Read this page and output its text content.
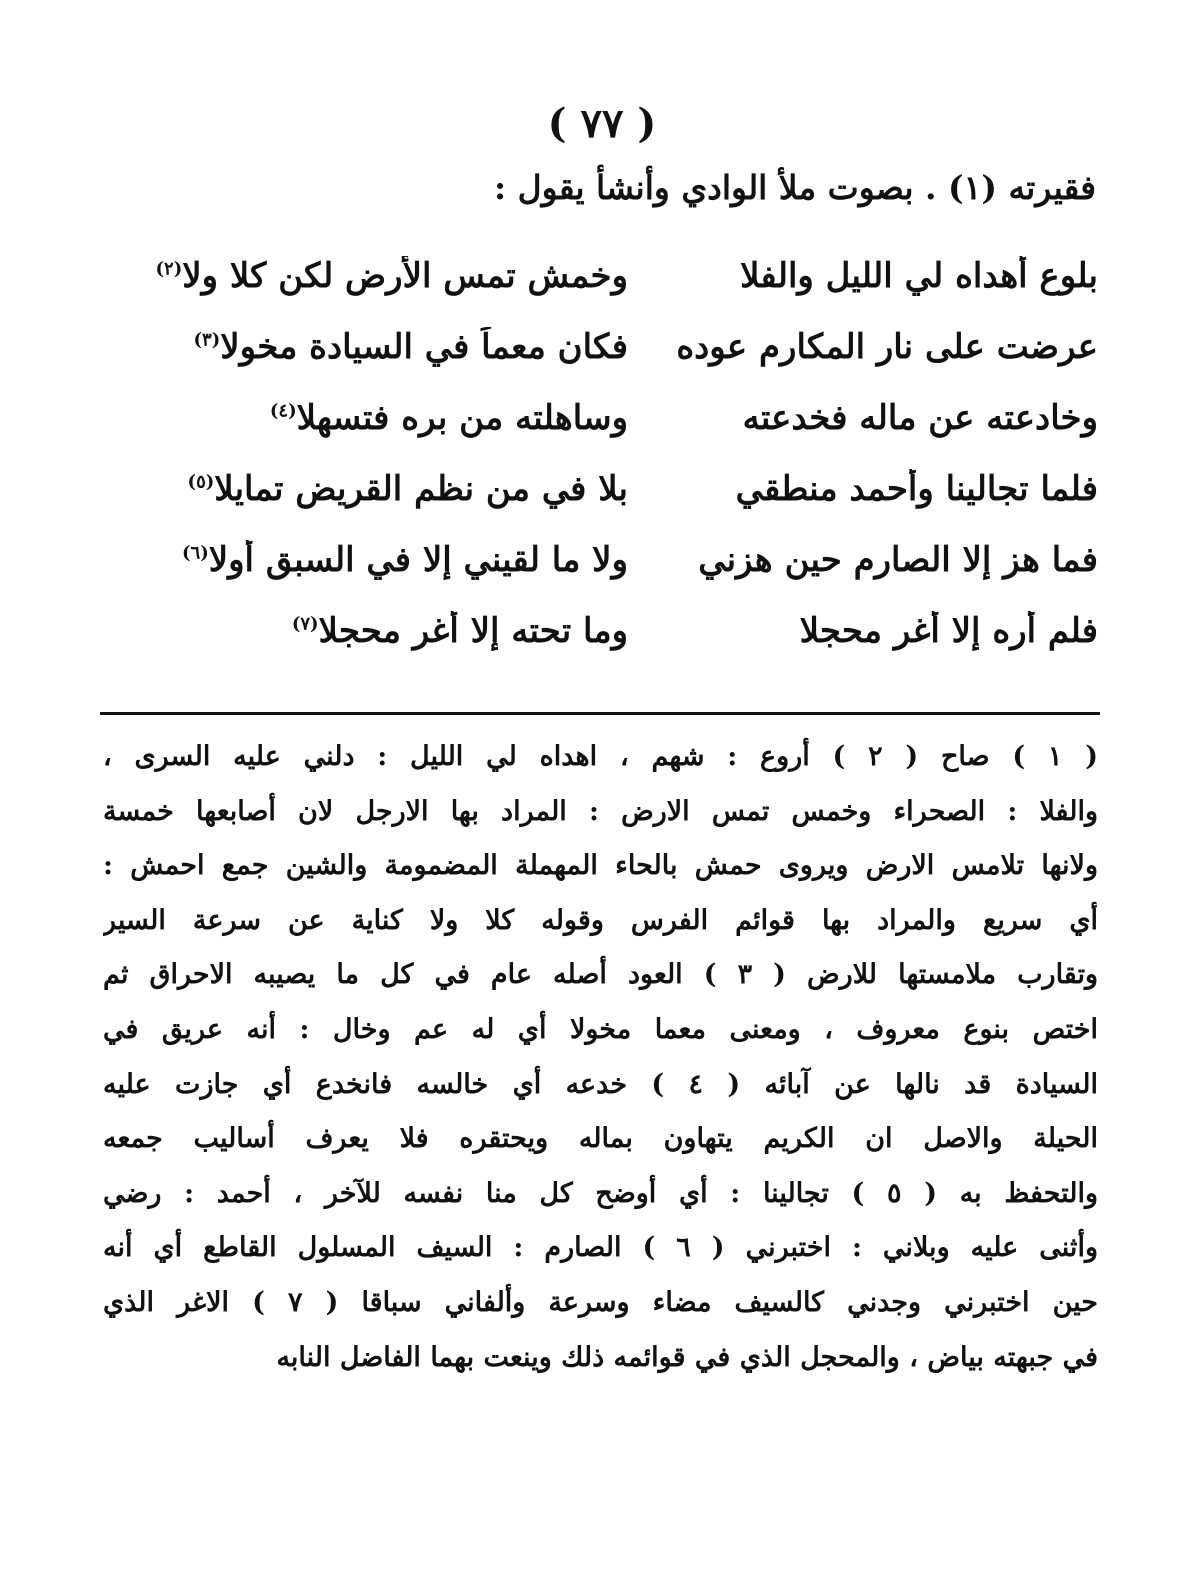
( ٧٧ )
فقيرته (١) . بصوت ملأ الوادي وأنشأ يقول :
بلوع أهداه لي الليل والفلا
وخمش تمس الأرض لكن كلا ولا$^{(٢)}$
عرضت على نار المكارم عوده
فكان معماً في السيادة مخولا$^{(٣)}$
وخادعته عن ماله فخدعته
وساهلته من بره فتسهلا$^{(٤)}$
فلما تجالينا وأحمد منطقي
بلا في من نظم القريض تمايلا$^{(٥)}$
فما هز إلا الصارم حين هزني
ولا ما لقيني إلا في السبق أولا$^{(٦)}$
فلم أره إلا أغر محجلا
وما تحته إلا أغر محجلا$^{(٧)}$
( ١ ) صاح ( ٢ ) أروع : شهم ، اهداه لي الليل : دلني عليه السرى ،
والفلا : الصحراء وخمس تمس الارض : المراد بها الارجل لان أصابعها خمسة
ولانها تلامس الارض ويروى حمش بالحاء المهملة المضمومة والشين جمع احمش :
أي سريع والمراد بها قوائم الفرس وقوله كلا ولا كناية عن سرعة السير
وتقارب ملامستها للارض ( ٣ ) العود أصله عام في كل ما يصيبه الاحراق ثم
اختص بنوع معروف ، ومعنى معما مخولا أي له عم وخال : أنه عريق في
السيادة قد نالها عن آبائه ( ٤ ) خدعه أي خالسه فانخدع أي جازت عليه
الحيلة والاصل ان الكريم يتهاون بماله ويحتقره فلا يعرف أساليب جمعه
والتحفظ به ( ٥ ) تجالينا : أي أوضح كل منا نفسه للآخر ، أحمد : رضي
وأثنى عليه وبلاني : اختبرني ( ٦ ) الصارم : السيف المسلول القاطع أي أنه
حين اختبرني وجدني كالسيف مضاء وسرعة وألفاني سباقا ( ٧ ) الاغر الذي
في جبهته بياض ، والمحجل الذي في قوائمه ذلك وينعت بهما الفاضل النابه
